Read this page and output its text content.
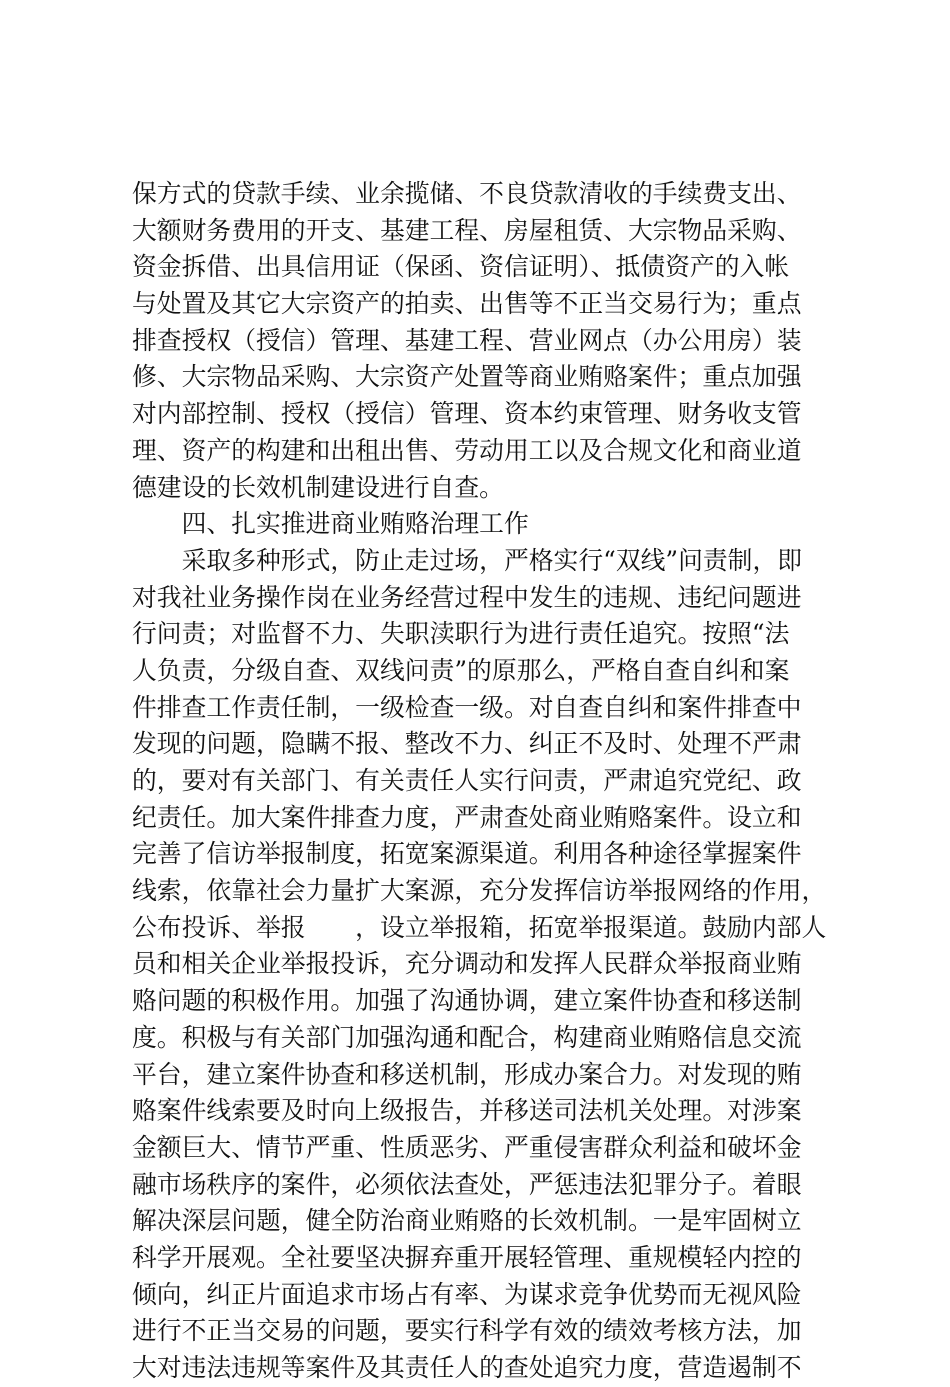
保方式的贷款手续、业余揽储、不良贷款清收的手续费支出、
大额财务费用的开支、基建工程、房屋租赁、大宗物品采购、
资金拆借、出具信用证（保函、资信证明）、抵债资产的入帐
与处置及其它大宗资产的拍卖、出售等不正当交易行为；重点
排查授权（授信）管理、基建工程、营业网点（办公用房）装
修、大宗物品采购、大宗资产处置等商业贿赂案件；重点加强
对内部控制、授权（授信）管理、资本约束管理、财务收支管
理、资产的构建和出租出售、劳动用工以及合规文化和商业道
德建设的长效机制建设进行自查。
　　四、扎实推进商业贿赂治理工作
　　采取多种形式，防止走过场，严格实行“双线”问责制，即
对我社业务操作岗在业务经营过程中发生的违规、违纪问题进
行问责；对监督不力、失职渎职行为进行责任追究。按照“法
人负责，分级自查、双线问责”的原那么，严格自查自纠和案
件排查工作责任制，一级检查一级。对自查自纠和案件排查中
发现的问题，隐瞒不报、整改不力、纠正不及时、处理不严肃
的，要对有关部门、有关责任人实行问责，严肃追究党纪、政
纪责任。加大案件排查力度，严肃查处商业贿赂案件。设立和
完善了信访举报制度，拓宽案源渠道。利用各种途径掌握案件
线索，依靠社会力量扩大案源，充分发挥信访举报网络的作用，
公布投诉、举报　　，设立举报箱，拓宽举报渠道。鼓励内部人
员和相关企业举报投诉，充分调动和发挥人民群众举报商业贿
赂问题的积极作用。加强了沟通协调，建立案件协查和移送制
度。积极与有关部门加强沟通和配合，构建商业贿赂信息交流
平台，建立案件协查和移送机制，形成办案合力。对发现的贿
赂案件线索要及时向上级报告，并移送司法机关处理。对涉案
金额巨大、情节严重、性质恶劣、严重侵害群众利益和破坏金
融市场秩序的案件，必须依法查处，严惩违法犯罪分子。着眼
解决深层问题，健全防治商业贿赂的长效机制。一是牢固树立
科学开展观。全社要坚决摒弃重开展轻管理、重规模轻内控的
倾向，纠正片面追求市场占有率、为谋求竞争优势而无视风险
进行不正当交易的问题，要实行科学有效的绩效考核方法，加
大对违法违规等案件及其责任人的查处追究力度，营造遏制不
